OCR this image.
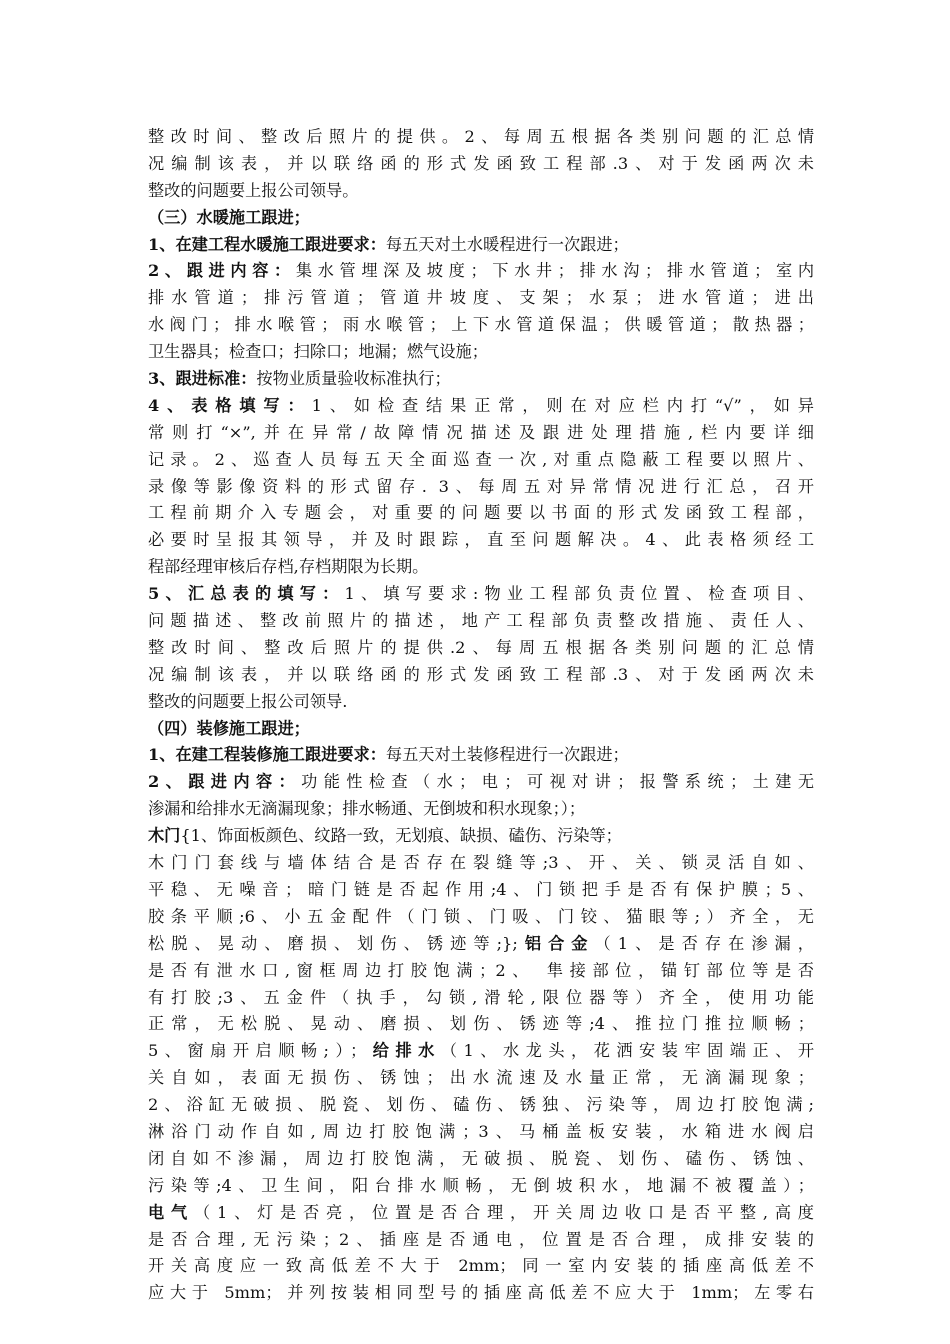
整改时间、整改后照片的提供。2、每周五根据各类别问题的汇总情
况编制该表，并以联络函的形式发函致工程部.3、对于发函两次未
整改的问题要上报公司领导。
（三）水暖施工跟进；
1、在建工程水暖施工跟进要求：每五天对土水暖程进行一次跟进；
2、跟进内容：集水管埋深及坡度；下水井；排水沟；排水管道；室内
排水管道；排污管道；管道井坡度、支架；水泵；进水管道；进出
水阀门；排水喉管；雨水喉管；上下水管道保温；供暖管道；散热器；
卫生器具；检查口；扫除口；地漏；燃气设施；
3、跟进标准：按物业质量验收标准执行；
4、表格填写：1、如检查结果正常，则在对应栏内打“√”，如异
常则打“×”,并在异常/故障情况描述及跟进处理措施,栏内要详细
记录。2、巡查人员每五天全面巡查一次,对重点隐蔽工程要以照片、
录像等影像资料的形式留存. 3、每周五对异常情况进行汇总，召开
工程前期介入专题会，对重要的问题要以书面的形式发函致工程部，
必要时呈报其领导，并及时跟踪，直至问题解决。4、此表格须经工
程部经理审核后存档,存档期限为长期。
5、汇总表的填写：1、填写要求:物业工程部负责位置、检查项目、
问题描述、整改前照片的描述，地产工程部负责整改措施、责任人、
整改时间、整改后照片的提供.2、每周五根据各类别问题的汇总情
况编制该表，并以联络函的形式发函致工程部.3、对于发函两次未
整改的问题要上报公司领导.
（四）装修施工跟进；
1、在建工程装修施工跟进要求：每五天对土装修程进行一次跟进；
2、跟进内容：功能性检查（水；电；可视对讲；报警系统；土建无
渗漏和给排水无滴漏现象；排水畅通、无倒坡和积水现象；）；
木门{1、饰面板颜色、纹路一致，无划痕、缺损、磕伤、污染等；
木门门套线与墙体结合是否存在裂缝等;3、开、关、锁灵活自如、
平稳、无噪音；暗门链是否起作用;4、门锁把手是否有保护膜；5、
胶条平顺;6、小五金配件（门锁、门吸、门铰、猫眼等;）齐全，无
松脱、晃动、磨损、划伤、锈迹等;};铝合金（1、是否存在渗漏，
是否有泄水口,窗框周边打胶饱满；2、 隼接部位，锚钉部位等是否
有打胶;3、五金件（执手，勾锁,滑轮,限位器等）齐全，使用功能
正常，无松脱、晃动、磨损、划伤、锈迹等;4、推拉门推拉顺畅；
5、窗扇开启顺畅;）；给排水（1、水龙头，花洒安装牢固端正、开
关自如，表面无损伤、锈蚀；出水流速及水量正常，无滴漏现象；
2、浴缸无破损、脱瓷、划伤、磕伤、锈独、污染等，周边打胶饱满;
淋浴门动作自如,周边打胶饱满；3、马桶盖板安装，水箱进水阀启
闭自如不渗漏，周边打胶饱满，无破损、脱瓷、划伤、磕伤、锈蚀、
污染等;4、卫生间，阳台排水顺畅，无倒坡积水，地漏不被覆盖）；
电气（1、灯是否亮，位置是否合理，开关周边收口是否平整,高度
是否合理,无污染；2、插座是否通电，位置是否合理，成排安装的
开关高度应一致高低差不大于 2mm；同一室内安装的插座高低差不
应大于 5mm；并列按装相同型号的插座高低差不应大于 1mm；左零右
